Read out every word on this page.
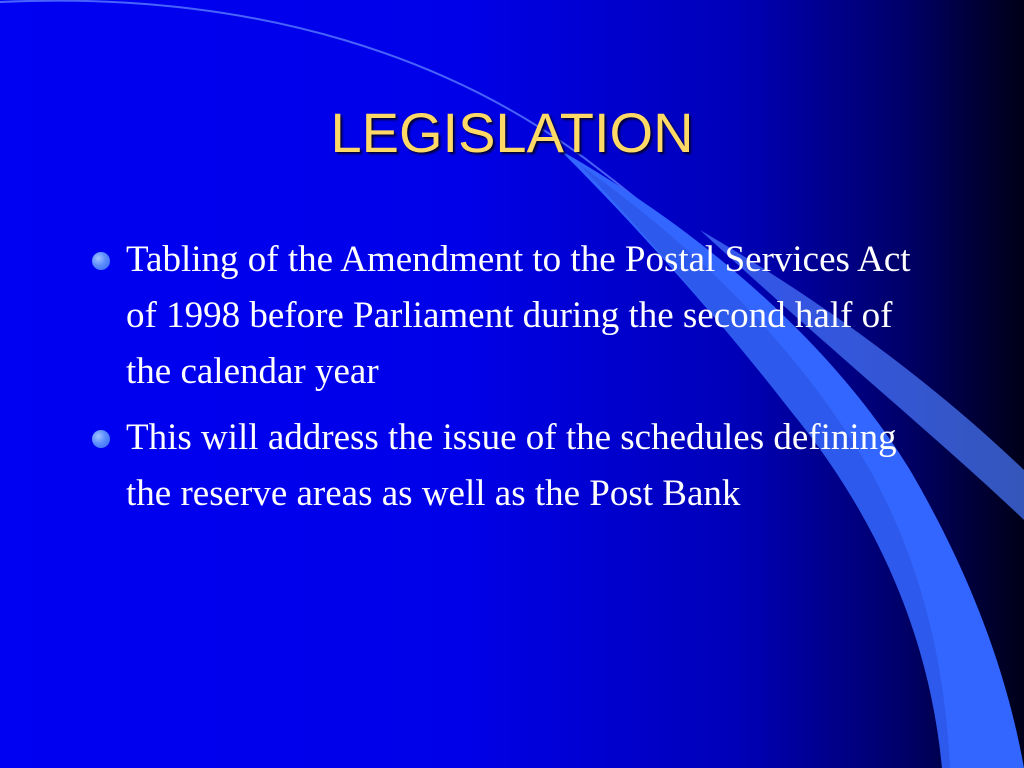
LEGISLATION
Tabling of the Amendment to the Postal Services Act of 1998 before Parliament during the second half of the calendar year
This will address the issue of the schedules defining the reserve areas as well as the Post Bank
